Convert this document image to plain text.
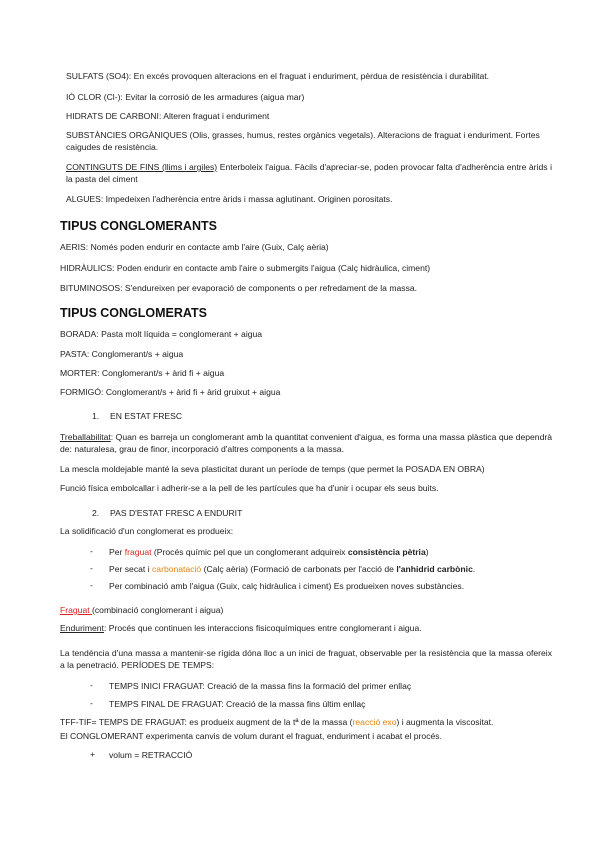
SULFATS (SO4): En excés provoquen alteracions en el fraguat i enduriment, pèrdua de resistència i durabilitat.
IÒ CLOR (Cl-): Evitar la corrosió de les armadures (aigua mar)
HIDRATS DE CARBONI: Alteren fraguat i enduriment
SUBSTÀNCIES ORGÀNIQUES (Olis, grasses, humus, restes orgànics vegetals). Alteracions de fraguat i enduriment. Fortes caigudes de resistència.
CONTINGUTS DE FINS (llims i argiles) Enterboleix l'aigua. Fàcils d'apreciar-se, poden provocar falta d'adherència entre àrids i la pasta del ciment
ALGUES: Impedeixen l'adherència entre àrids i massa aglutinant. Originen porositats.
TIPUS CONGLOMERANTS
AERIS: Només poden endurir en contacte amb l'aire (Guix, Calç aèria)
HIDRÀULICS: Poden endurir en contacte amb l'aire o submergits l'aigua (Calç hidràulica, ciment)
BITUMINOSOS: S'endureixen per evaporació de components o per refredament de la massa.
TIPUS CONGLOMERATS
BORADA: Pasta molt líquida = conglomerant + aigua
PASTA: Conglomerant/s + aigua
MORTER: Conglomerant/s + àrid fi + aigua
FORMIGÓ: Conglomerant/s + àrid fi + àrid gruixut + aigua
1. EN ESTAT FRESC
Treballabilitat: Quan es barreja un conglomerant amb la quantitat convenient d'aigua, es forma una massa plàstica que dependrà de: naturalesa, grau de finor, incorporació d'altres components a la massa.
La mescla moldejable manté la seva plasticitat durant un període de temps (que permet la POSADA EN OBRA)
Funció física embolcallar i adherir-se a la pell de les partícules que ha d'unir i ocupar els seus buits.
2. PAS D'ESTAT FRESC A ENDURIT
La solidificació d'un conglomerat es produeix:
- Per fraguat (Procés químic pel que un conglomerant adquireix consistència pètria)
- Per secat i carbonatació (Calç aèria) (Formació de carbonats per l'acció de l'anhidrid carbònic.
- Per combinació amb l'aigua (Guix, calç hidràulica i ciment) Es produeixen noves substàncies.
Fraguat (combinació conglomerant i aigua)
Enduriment: Procés que continuen les interaccions fisicoquímiques entre conglomerant i aigua.
La tendència d'una massa a mantenir-se rígida dóna lloc a un inici de fraguat, observable per la resistència que la massa ofereix a la penetració. PERÍODES DE TEMPS:
- TEMPS INICI FRAGUAT: Creació de la massa fins la formació del primer enllaç
- TEMPS FINAL DE FRAGUAT: Creació de la massa fins últim enllaç
TFF-TIF= TEMPS DE FRAGUAT: es produeix augment de la tª de la massa (reacció exo) i augmenta la viscositat.
El CONGLOMERANT experimenta canvis de volum durant el fraguat, enduriment i acabat el procés.
+ volum = RETRACCIÓ
